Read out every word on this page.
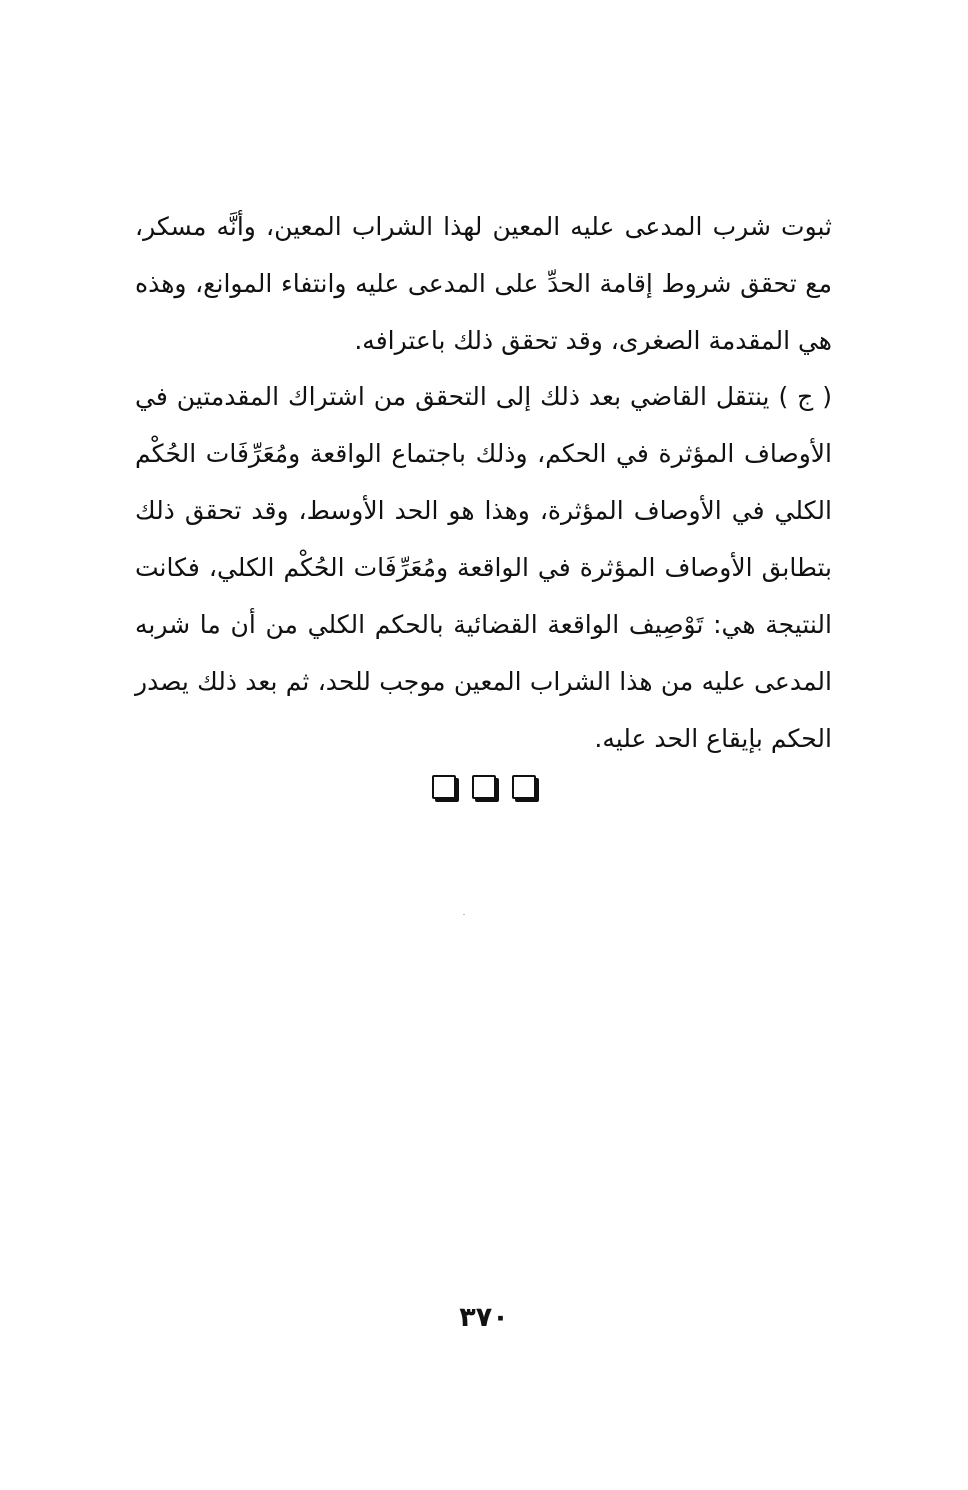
ثبوت شرب المدعى عليه المعين لهذا الشراب المعين، وأنَّه مسكر، مع تحقق شروط إقامة الحدِّ على المدعى عليه وانتفاء الموانع، وهذه هي المقدمة الصغرى، وقد تحقق ذلك باعترافه.

( ج ) ينتقل القاضي بعد ذلك إلى التحقق من اشتراك المقدمتين في الأوصاف المؤثرة في الحكم، وذلك باجتماع الواقعة ومُعَرِّفَات الحُكْم الكلي في الأوصاف المؤثرة، وهذا هو الحد الأوسط، وقد تحقق ذلك بتطابق الأوصاف المؤثرة في الواقعة ومُعَرِّفَات الحُكْم الكلي، فكانت النتيجة هي: تَوْصِيف الواقعة القضائية بالحكم الكلي من أن ما شربه المدعى عليه من هذا الشراب المعين موجب للحد، ثم بعد ذلك يصدر الحكم بإيقاع الحد عليه.

٣٧٠
